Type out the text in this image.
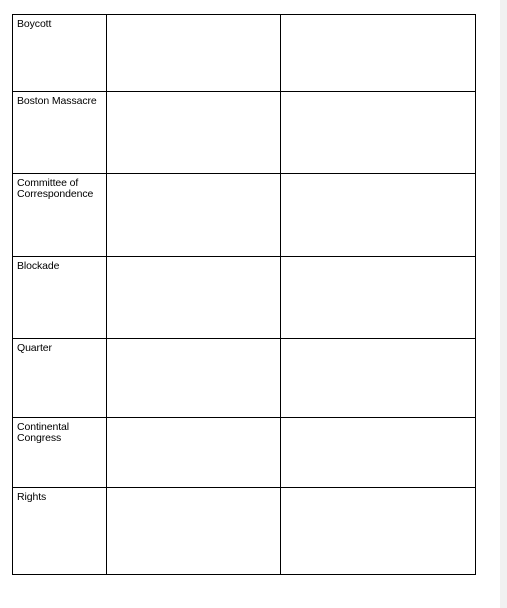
Boycott		

Boston Massacre		

Committee of
Correspondence		

Blockade		

Quarter		

Continental
Congress		

Rights		
